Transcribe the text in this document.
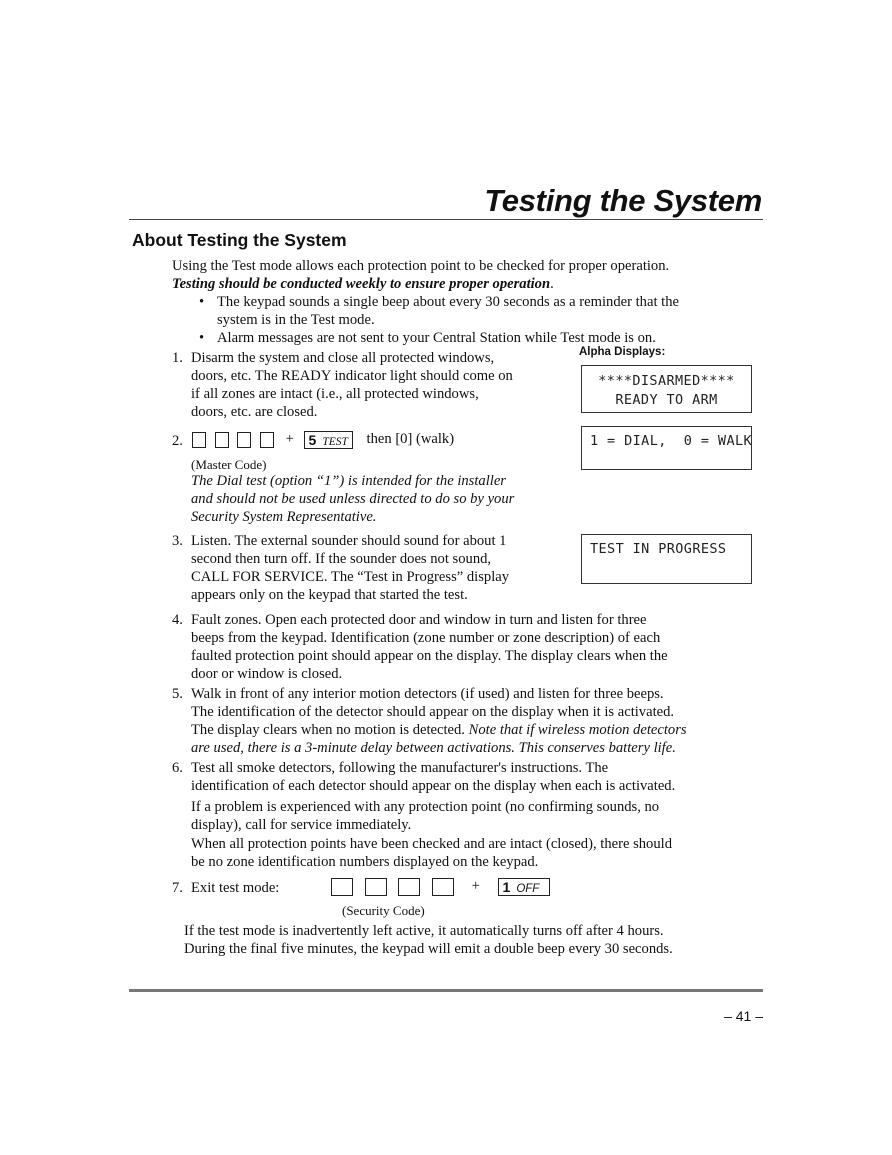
Testing the System
About Testing the System
Using the Test mode allows each protection point to be checked for proper operation.
Testing should be conducted weekly to ensure proper operation.
• The keypad sounds a single beep about every 30 seconds as a reminder that the
system is in the Test mode.
• Alarm messages are not sent to your Central Station while Test mode is on.
Alpha Displays:
****DISARMED****
READY TO ARM
1 = DIAL,  0 = WALK
TEST IN PROGRESS
1. Disarm the system and close all protected windows,
doors, etc. The READY indicator light should come on
if all zones are intact (i.e., all protected windows,
doors, etc. are closed.
2.	+ 5 TEST then [0] (walk)
(Master Code)
The Dial test (option “1”) is intended for the installer
and should not be used unless directed to do so by your
Security System Representative.
3. Listen. The external sounder should sound for about 1
second then turn off. If the sounder does not sound,
CALL FOR SERVICE. The “Test in Progress” display
appears only on the keypad that started the test.
4. Fault zones. Open each protected door and window in turn and listen for three
beeps from the keypad. Identification (zone number or zone description) of each
faulted protection point should appear on the display. The display clears when the
door or window is closed.
5. Walk in front of any interior motion detectors (if used) and listen for three beeps.
The identification of the detector should appear on the display when it is activated.
The display clears when no motion is detected. Note that if wireless motion detectors
are used, there is a 3-minute delay between activations. This conserves battery life.
6. Test all smoke detectors, following the manufacturer's instructions. The
identification of each detector should appear on the display when each is activated.
If a problem is experienced with any protection point (no confirming sounds, no
display), call for service immediately.
When all protection points have been checked and are intact (closed), there should
be no zone identification numbers displayed on the keypad.
7. Exit test mode:	+ 1 OFF
(Security Code)
If the test mode is inadvertently left active, it automatically turns off after 4 hours.
During the final five minutes, the keypad will emit a double beep every 30 seconds.
– 41 –
